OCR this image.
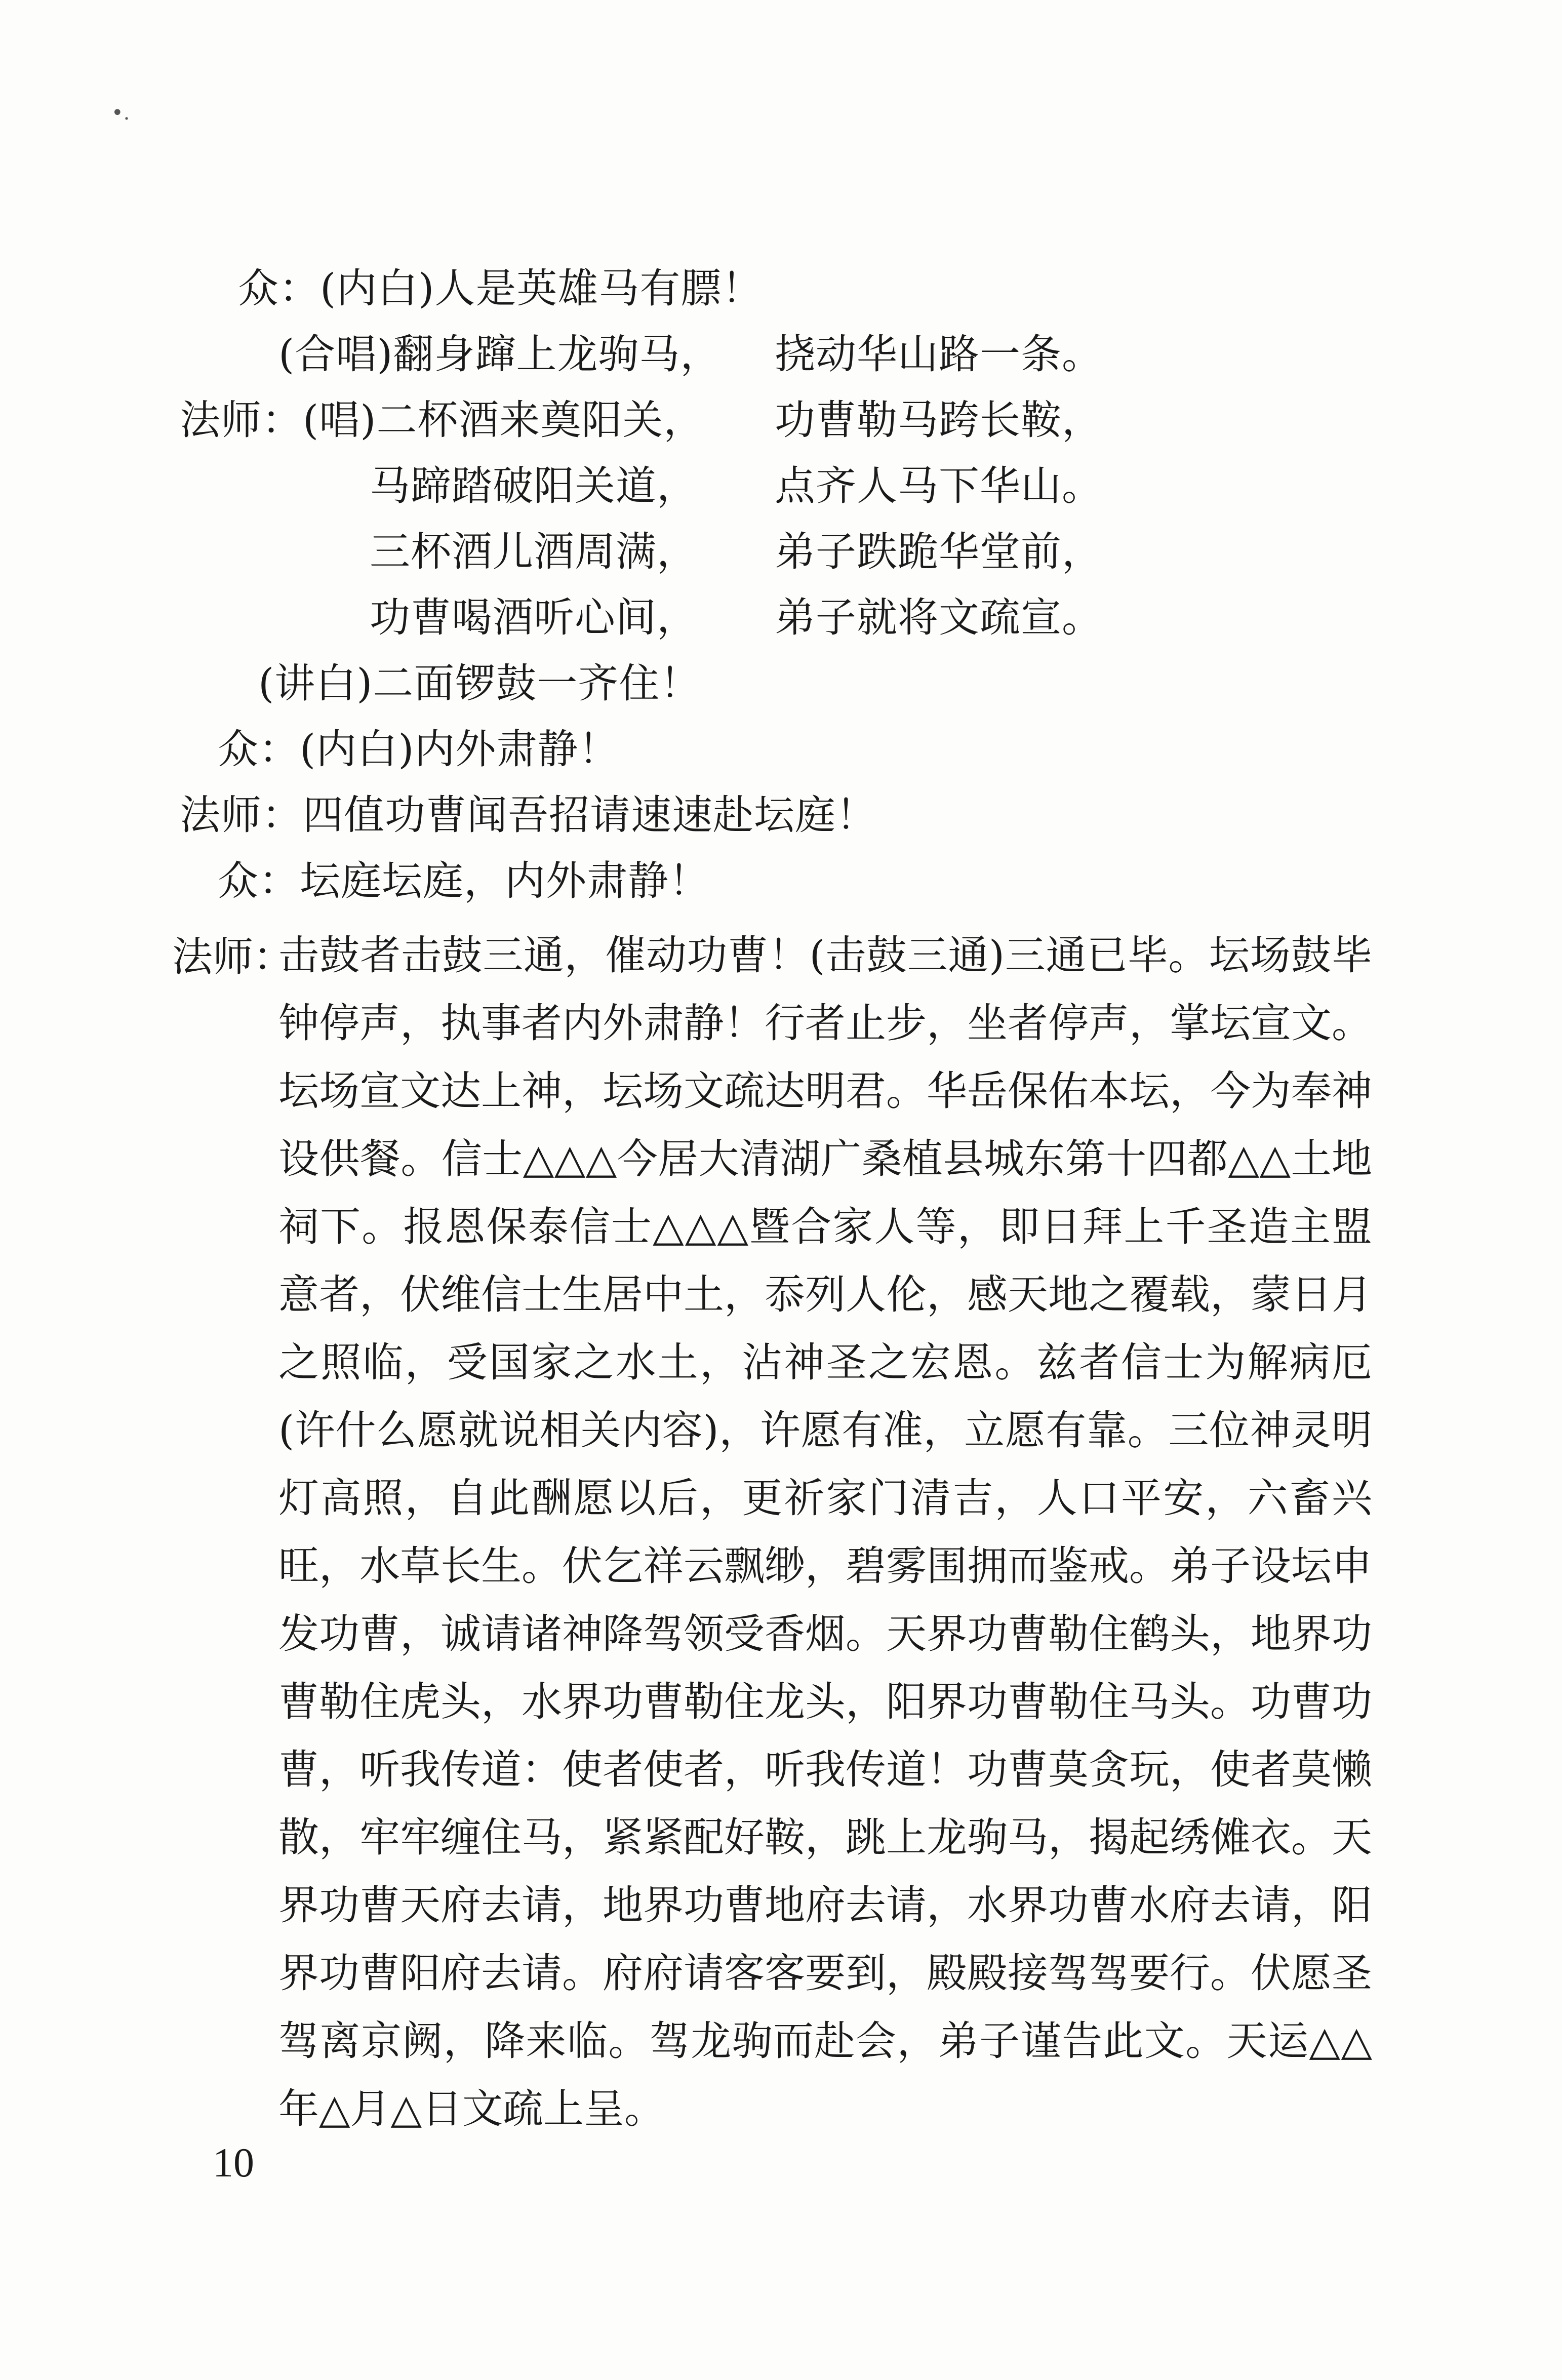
•.
众：(内白)人是英雄马有膘！
(合唱)翻身蹿上龙驹马， 挠动华山路一条。
法师：(唱)二杯酒来奠阳关， 功曹勒马跨长鞍，
马蹄踏破阳关道， 点齐人马下华山。
三杯酒儿酒周满， 弟子跌跪华堂前，
功曹喝酒听心间， 弟子就将文疏宣。
(讲白)二面锣鼓一齐住！
众：(内白)内外肃静！
法师：四值功曹闻吾招请速速赴坛庭！
众：坛庭坛庭，内外肃静！
法师：
击鼓者击鼓三通，催动功曹！(击鼓三通)三通已毕。坛场鼓毕钟停声，执事者内外肃静！行者止步，坐者停声，掌坛宣文。坛场宣文达上神，坛场文疏达明君。华岳保佑本坛，今为奉神设供餐。信士△△△今居大清湖广桑植县城东第十四都△△土地祠下。报恩保泰信士△△△暨合家人等，即日拜上千圣造主盟意者，伏维信士生居中土，忝列人伦，感天地之覆载，蒙日月之照临，受国家之水土，沾神圣之宏恩。兹者信士为解病厄(许什么愿就说相关内容)，许愿有准，立愿有靠。三位神灵明灯高照，自此酬愿以后，更祈家门清吉，人口平安，六畜兴旺，水草长生。伏乞祥云飘缈，碧雾围拥而鉴戒。弟子设坛申发功曹，诚请诸神降驾领受香烟。天界功曹勒住鹤头，地界功曹勒住虎头，水界功曹勒住龙头，阳界功曹勒住马头。功曹功曹，听我传道：使者使者，听我传道！功曹莫贪玩，使者莫懒散，牢牢缠住马，紧紧配好鞍，跳上龙驹马，揭起绣傩衣。天界功曹天府去请，地界功曹地府去请，水界功曹水府去请，阳界功曹阳府去请。府府请客客要到，殿殿接驾驾要行。伏愿圣驾离京阙，降来临。驾龙驹而赴会，弟子谨告此文。天运△△年△月△日文疏上呈。
10
